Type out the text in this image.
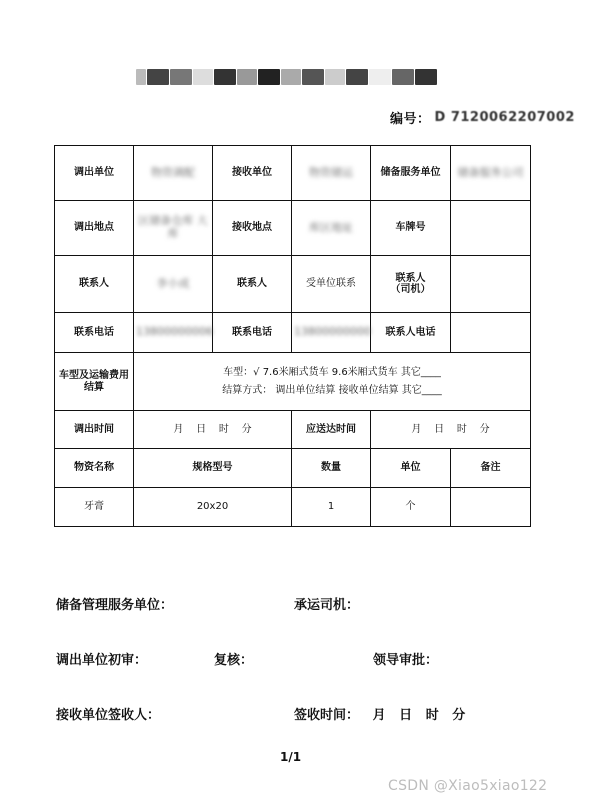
编号： D 7120062207002
调出单位	物资调配	接收单位	物资储运	储备服务单位	储备服务公司
调出地点	区储备仓库 大库	接收地点	库区地址	车牌号	
联系人	李小成	联系人	受单位联系	联系人
（司机）	
联系电话	13800000006	联系电话	13800000000	联系人电话	
车型及运输费用结算	车型：√ 7.6米厢式货车 9.6米厢式货车 其它____
结算方式： 调出单位结算 接收单位结算 其它____				

调出时间	月    日    时    分		应送达时间	月    日    时    分	
物资名称	规格型号		数量	单位	备注
牙膏	20x20		1	个	
储备管理服务单位：	承运司机：
调出单位初审：	复核：	领导审批：
接收单位签收人：	签收时间：   月   日   时   分
1/1
CSDN @Xiao5xiao122
